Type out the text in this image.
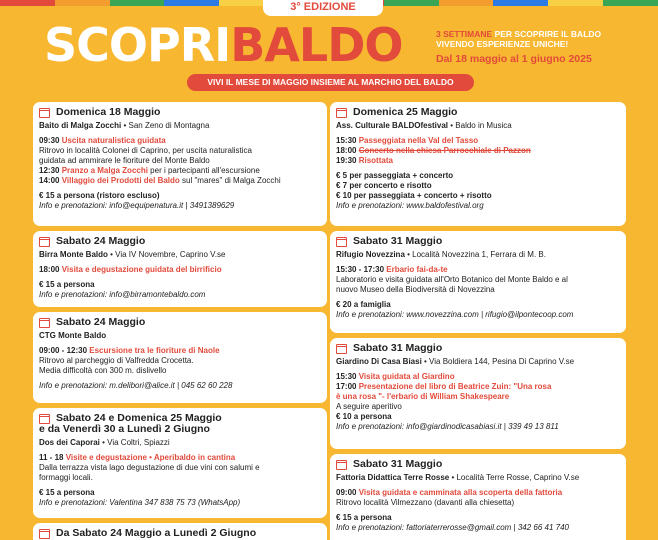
3° EDIZIONE
SCOPRIBALDO	3 SETTIMANE PER SCOPRIRE IL BALDO
VIVENDO ESPERIENZE UNICHE!
Dal 18 maggio al 1 giugno 2025
VIVI IL MESE DI MAGGIO INSIEME AL MARCHIO DEL BALDO
Domenica 18 Maggio
Baito di Malga Zocchi • San Zeno di Montagna
09:30 Uscita naturalistica guidata
Ritrovo in località Colonei di Caprino, per uscita naturalistica
guidata ad ammirare le fioriture del Monte Baldo
12:30 Pranzo a Malga Zocchi per i partecipanti all'escursione
14:00 Villaggio dei Prodotti del Baldo sul "mares" di Malga Zocchi
€ 15 a persona (ristoro escluso)
Info e prenotazioni: info@equipenatura.it | 3491389629
Sabato 24 Maggio
Birra Monte Baldo • Via IV Novembre, Caprino V.se
18:00 Visita e degustazione guidata del birrificio
€ 15 a persona
Info e prenotazioni: info@birramontebaldo.com
Sabato 24 Maggio
CTG Monte Baldo
09:00 - 12:30 Escursione tra le fioriture di Naole
Ritrovo al parcheggio di Valfredda Crocetta.
Media difficoltà con 300 m. dislivello
Info e prenotazioni: m.delibori@alice.it | 045 62 60 228
Sabato 24 e Domenica 25 Maggio
e da Venerdì 30 a Lunedì 2 Giugno
Dos dei Caporai • Via Coltri, Spiazzi
11 - 18 Visite e degustazione • Aperibaldo in cantina
Dalla terrazza vista lago degustazione di due vini con salumi e
formaggi locali.
€ 15 a persona
Info e prenotazioni: Valentina 347 838 75 73 (WhatsApp)
Da Sabato 24 Maggio a Lunedì 2 Giugno
Domenica 25 Maggio
Ass. Culturale BALDOfestival • Baldo in Musica
15:30 Passeggiata nella Val del Tasso
18:00 Concerto nella chiesa Parrocchiale di Pazzon
19:30 Risottata
€ 5 per passeggiata + concerto
€ 7 per concerto e risotto
€ 10 per passeggiata + concerto + risotto
Info e prenotazioni: www.baldofestival.org
Sabato 31 Maggio
Rifugio Novezzina • Località Novezzina 1, Ferrara di M. B.
15:30 - 17:30 Erbario fai-da-te
Laboratorio e visita guidata all'Orto Botanico del Monte Baldo e al
nuovo Museo della Biodiversità di Novezzina
€ 20 a famiglia
Info e prenotazioni: www.novezzina.com | rifugio@ilpontecoop.com
Sabato 31 Maggio
Giardino Di Casa Biasi • Via Boldiera 144, Pesina Di Caprino V.se
15:30 Visita guidata al Giardino
17:00 Presentazione del libro di Beatrice Zuin: "Una rosa
è una rosa "- l'erbario di William Shakespeare
A seguire aperitivo
€ 10 a persona
Info e prenotazioni: info@giardinodicasabiasi.it | 339 49 13 811
Sabato 31 Maggio
Fattoria Didattica Terre Rosse • Località Terre Rosse, Caprino V.se
09:00 Visita guidata e camminata alla scoperta della fattoria
Ritrovo località Vilmezzano (davanti alla chiesetta)
€ 15 a persona
Info e prenotazioni: fattoriaterrerosse@gmail.com | 342 66 41 740
